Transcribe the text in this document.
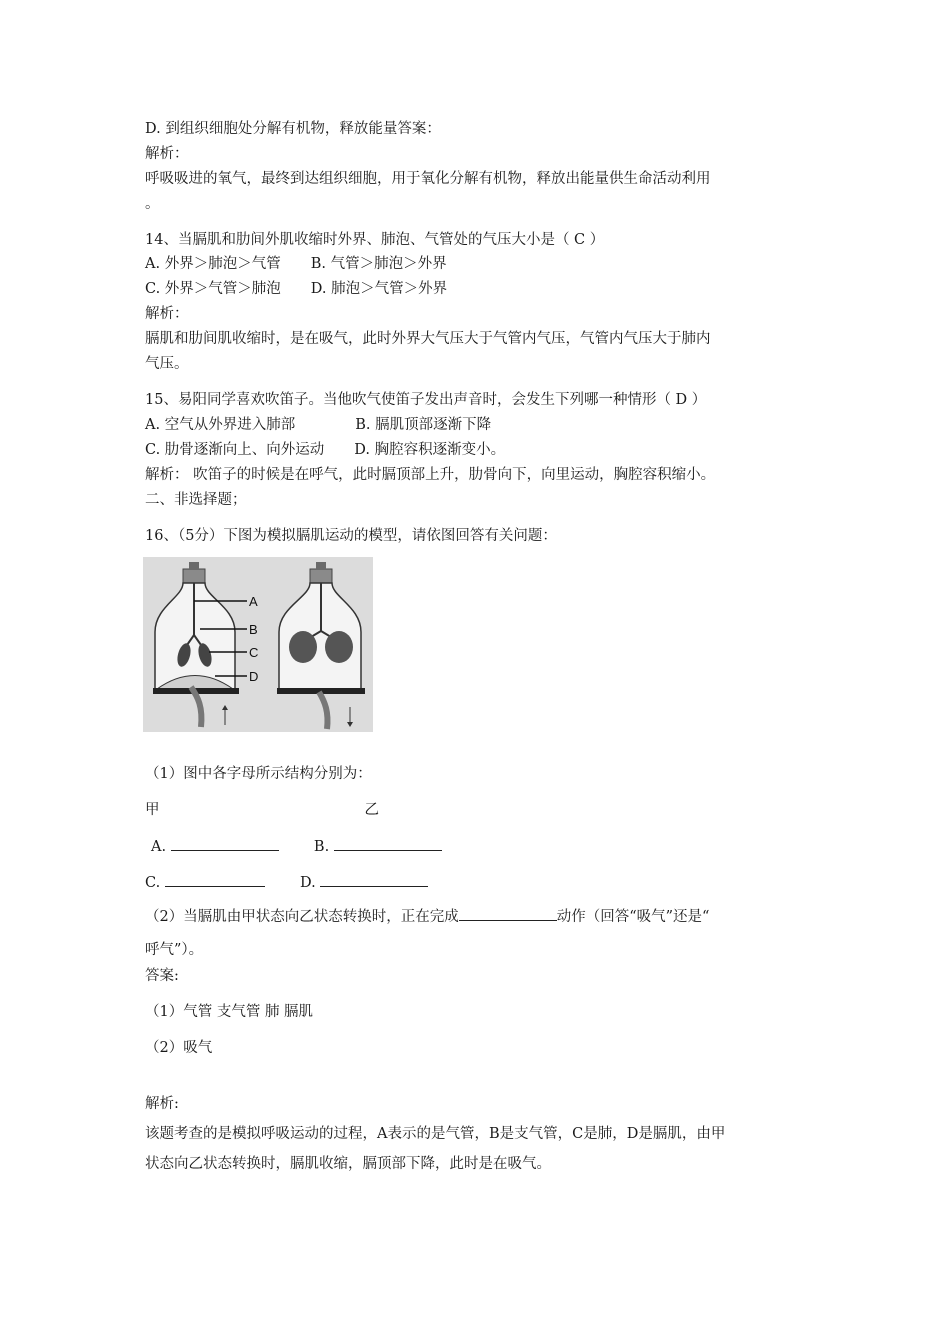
D. 到组织细胞处分解有机物，释放能量答案：
解析：
呼吸吸进的氧气，最终到达组织细胞，用于氧化分解有机物，释放出能量供生命活动利用
。
14、当膈肌和肋间外肌收缩时外界、肺泡、气管处的气压大小是（ C ）
A. 外界＞肺泡＞气管 B. 气管＞肺泡＞外界
C. 外界＞气管＞肺泡 D. 肺泡＞气管＞外界
解析：
膈肌和肋间肌收缩时，是在吸气，此时外界大气压大于气管内气压，气管内气压大于肺内
气压。
15、易阳同学喜欢吹笛子。当他吹气使笛子发出声音时，会发生下列哪一种情形（ D ）
A. 空气从外界进入肺部	B. 膈肌顶部逐渐下降
C. 肋骨逐渐向上、向外运动 D. 胸腔容积逐渐变小。
解析： 吹笛子的时候是在呼气，此时膈顶部上升，肋骨向下，向里运动，胸腔容积缩小。
二、非选择题；
16、（5分）下图为模拟膈肌运动的模型，请依图回答有关问题：
A
B
C
D
（1）图中各字母所示结构分别为：
甲	乙
A.	B.
C.	D.
（2）当膈肌由甲状态向乙状态转换时，正在完成	动作（回答“吸气”还是“
呼气”）。
答案:
（1）气管 支气管 肺 膈肌
（2）吸气
解析:
该题考查的是模拟呼吸运动的过程，A表示的是气管，B是支气管，C是肺，D是膈肌，由甲
状态向乙状态转换时，膈肌收缩，膈顶部下降，此时是在吸气。
